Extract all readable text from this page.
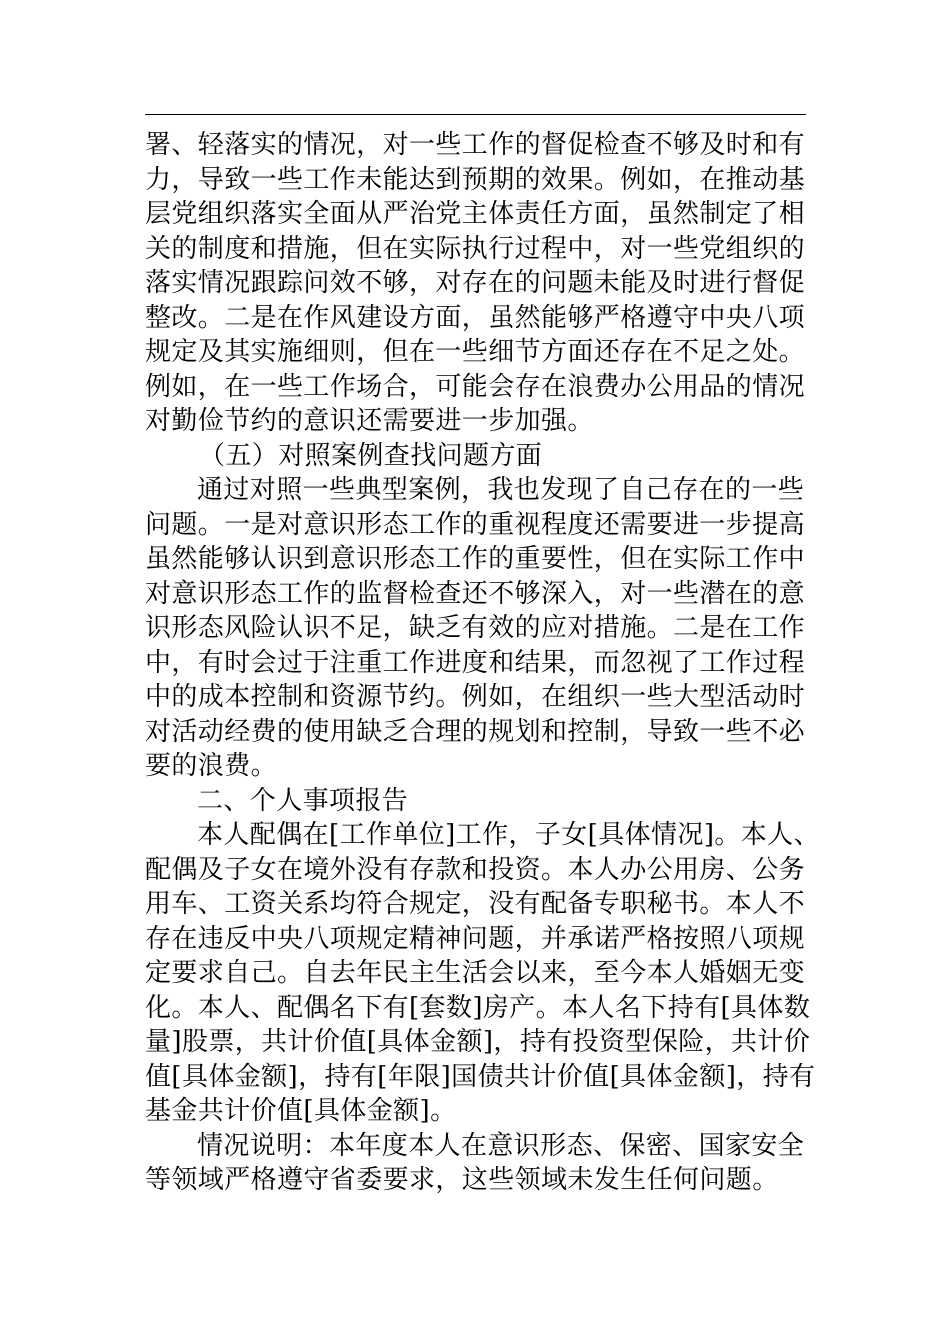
署、轻落实的情况，对一些工作的督促检查不够及时和有
力，导致一些工作未能达到预期的效果。例如，在推动基
层党组织落实全面从严治党主体责任方面，虽然制定了相
关的制度和措施，但在实际执行过程中，对一些党组织的
落实情况跟踪问效不够，对存在的问题未能及时进行督促
整改。二是在作风建设方面，虽然能够严格遵守中央八项
规定及其实施细则，但在一些细节方面还存在不足之处。
例如，在一些工作场合，可能会存在浪费办公用品的情况
对勤俭节约的意识还需要进一步加强。

（五）对照案例查找问题方面

通过对照一些典型案例，我也发现了自己存在的一些
问题。一是对意识形态工作的重视程度还需要进一步提高
虽然能够认识到意识形态工作的重要性，但在实际工作中
对意识形态工作的监督检查还不够深入，对一些潜在的意
识形态风险认识不足，缺乏有效的应对措施。二是在工作
中，有时会过于注重工作进度和结果，而忽视了工作过程
中的成本控制和资源节约。例如，在组织一些大型活动时
对活动经费的使用缺乏合理的规划和控制，导致一些不必
要的浪费。

二、个人事项报告

本人配偶在[工作单位]工作，子女[具体情况]。本人、
配偶及子女在境外没有存款和投资。本人办公用房、公务
用车、工资关系均符合规定，没有配备专职秘书。本人不
存在违反中央八项规定精神问题，并承诺严格按照八项规
定要求自己。自去年民主生活会以来，至今本人婚姻无变
化。本人、配偶名下有[套数]房产。本人名下持有[具体数
量]股票，共计价值[具体金额]，持有投资型保险，共计价
值[具体金额]，持有[年限]国债共计价值[具体金额]，持有
基金共计价值[具体金额]。

情况说明：本年度本人在意识形态、保密、国家安全
等领域严格遵守省委要求，这些领域未发生任何问题。
